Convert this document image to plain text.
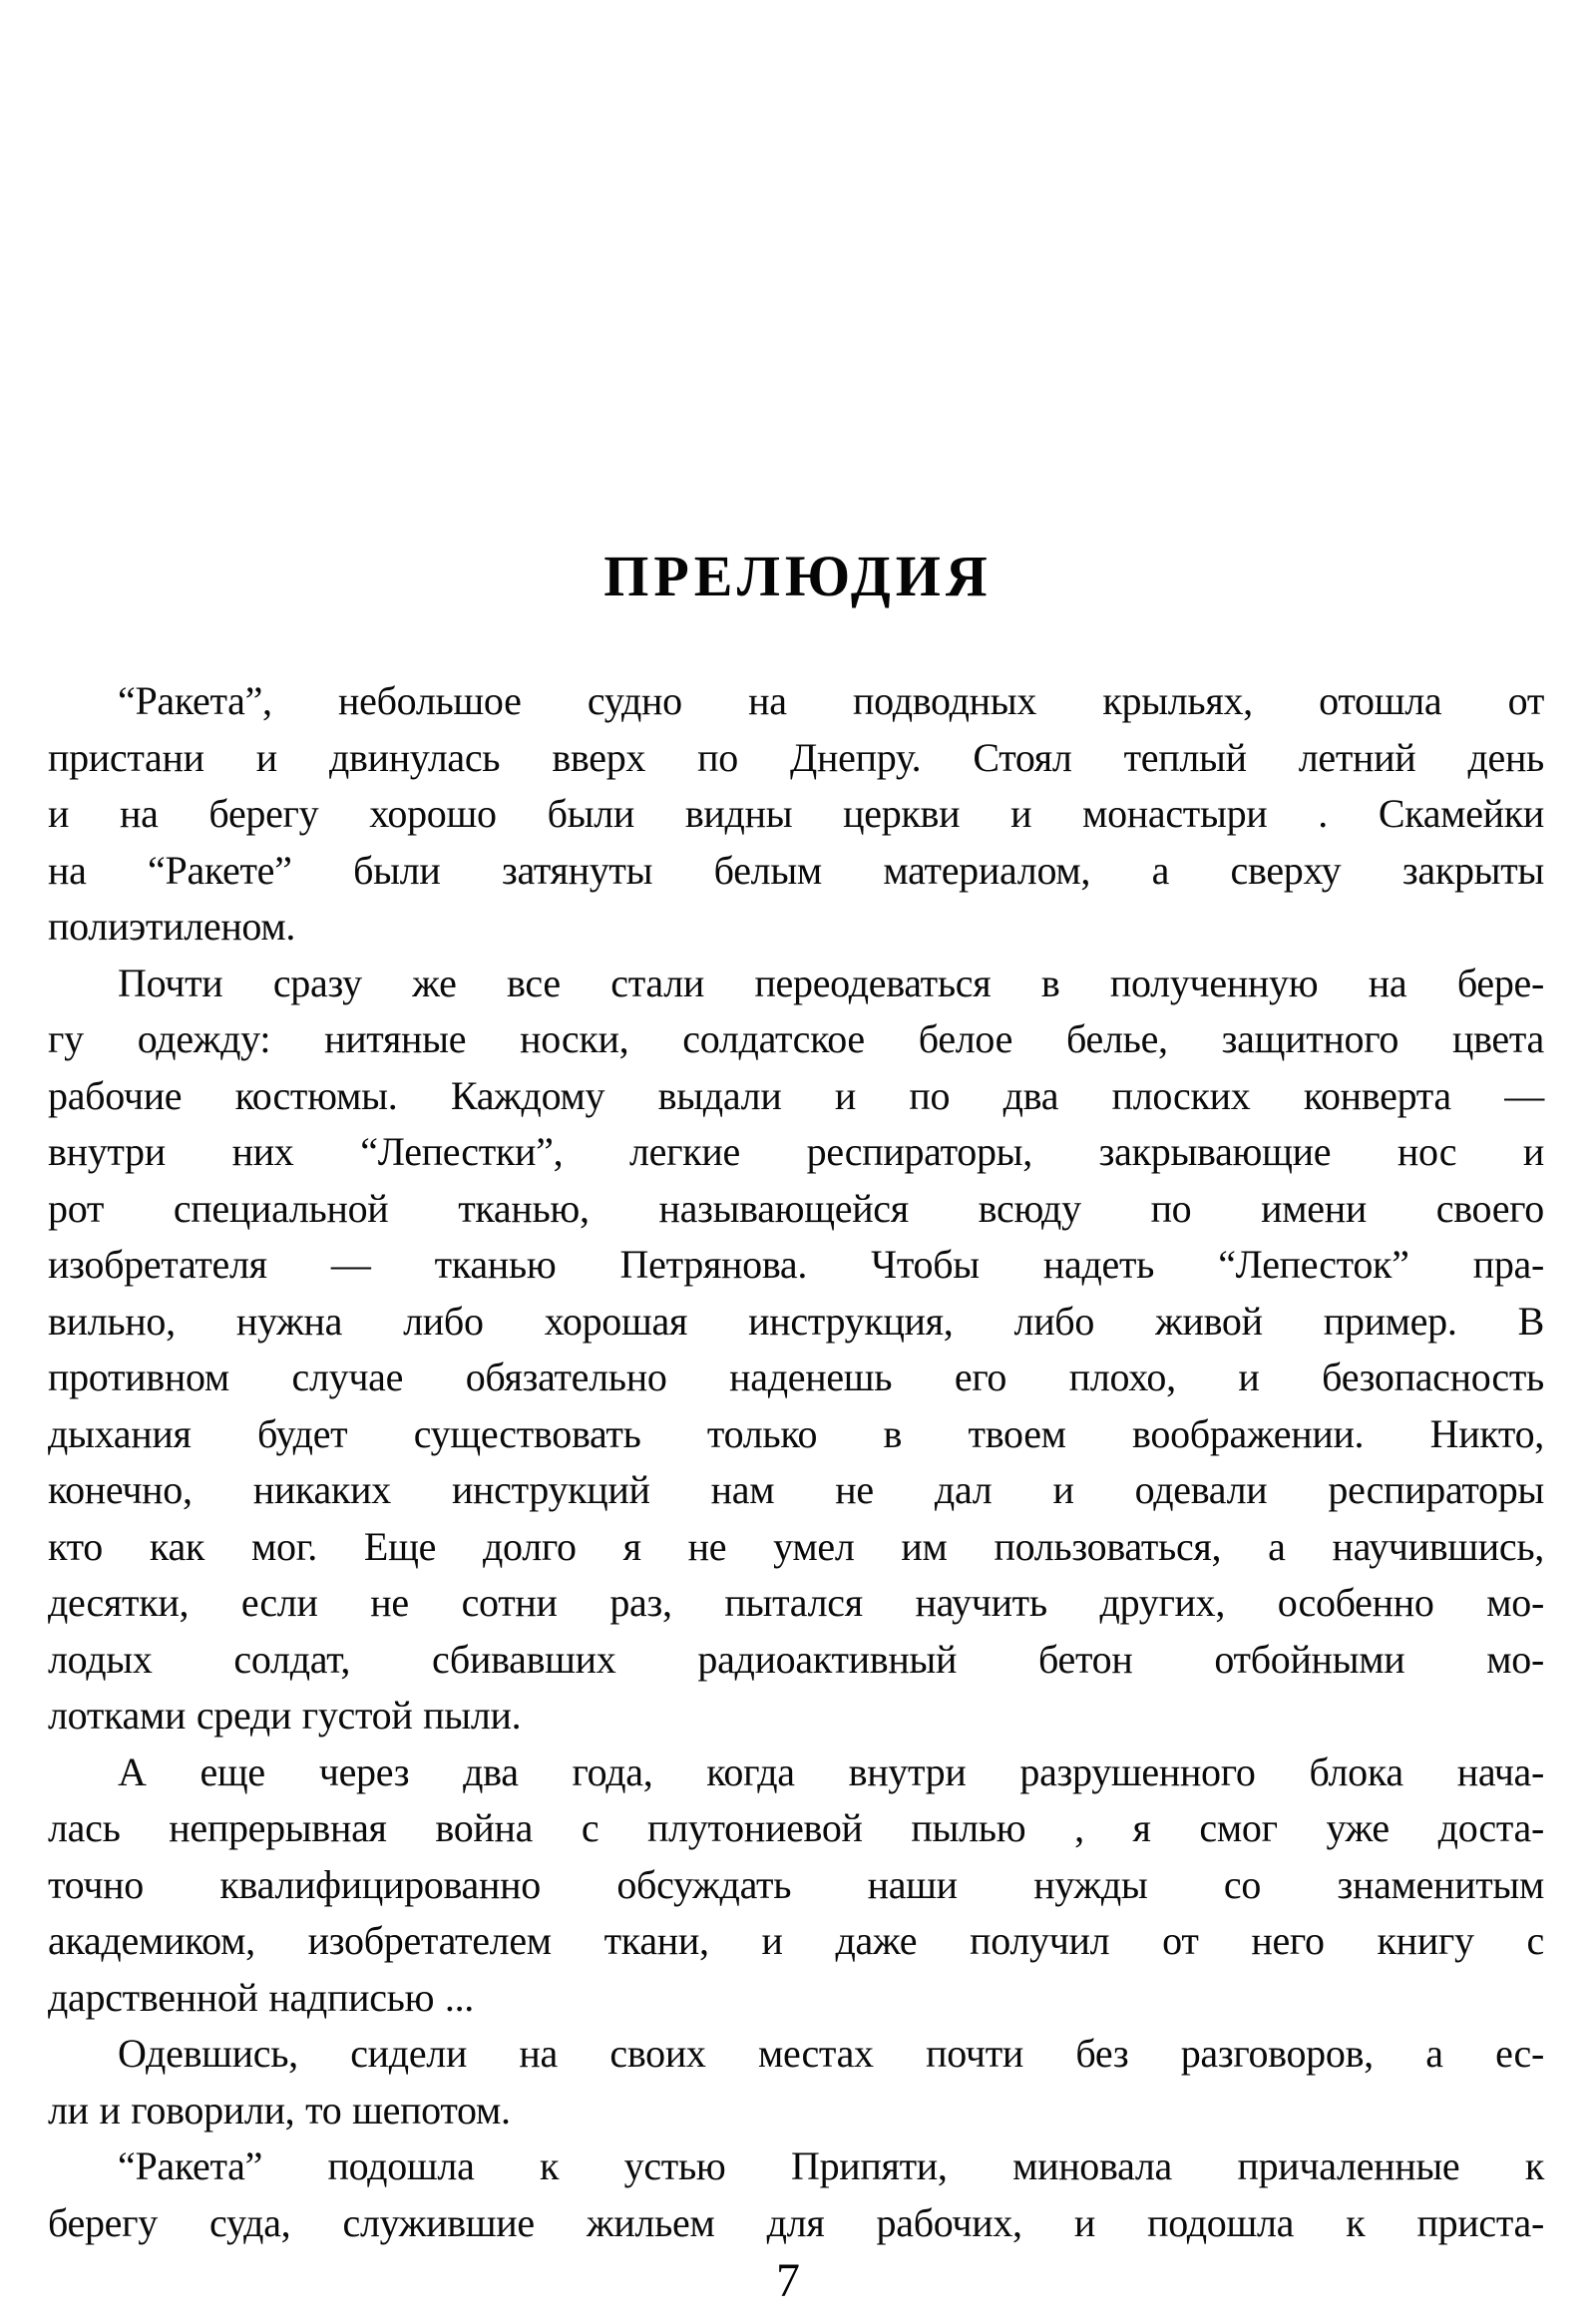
ПРЕЛЮДИЯ
“Ракета”, небольшое судно на подводных крыльях, отошла от
пристани и двинулась вверх по Днепру. Стоял теплый летний день
и на берегу хорошо были видны церкви и монастыри . Скамейки
на “Ракете” были затянуты белым материалом, а сверху закрыты
полиэтиленом.
Почти сразу же все стали переодеваться в полученную на бере-
гу одежду: нитяные носки, солдатское белое белье, защитного цвета
рабочие костюмы. Каждому выдали и по два плоских конверта —
внутри них “Лепестки”, легкие респираторы, закрывающие нос и
рот специальной тканью, называющейся всюду по имени своего
изобретателя — тканью Петрянова. Чтобы надеть “Лепесток” пра-
вильно, нужна либо хорошая инструкция, либо живой пример. В
противном случае обязательно наденешь его плохо, и безопасность
дыхания будет существовать только в твоем воображении. Никто,
конечно, никаких инструкций нам не дал и одевали респираторы
кто как мог. Еще долго я не умел им пользоваться, а научившись,
десятки, если не сотни раз, пытался научить других, особенно мо-
лодых солдат, сбивавших радиоактивный бетон отбойными мо-
лотками среди густой пыли.
А еще через два года, когда внутри разрушенного блока нача-
лась непрерывная война с плутониевой пылью , я смог уже доста-
точно квалифицированно обсуждать наши нужды со знаменитым
академиком, изобретателем ткани, и даже получил от него книгу с
дарственной надписью ...
Одевшись, сидели на своих местах почти без разговоров, а ес-
ли и говорили, то шепотом.
“Ракета” подошла к устью Припяти, миновала причаленные к
берегу суда, служившие жильем для рабочих, и подошла к приста-
7
